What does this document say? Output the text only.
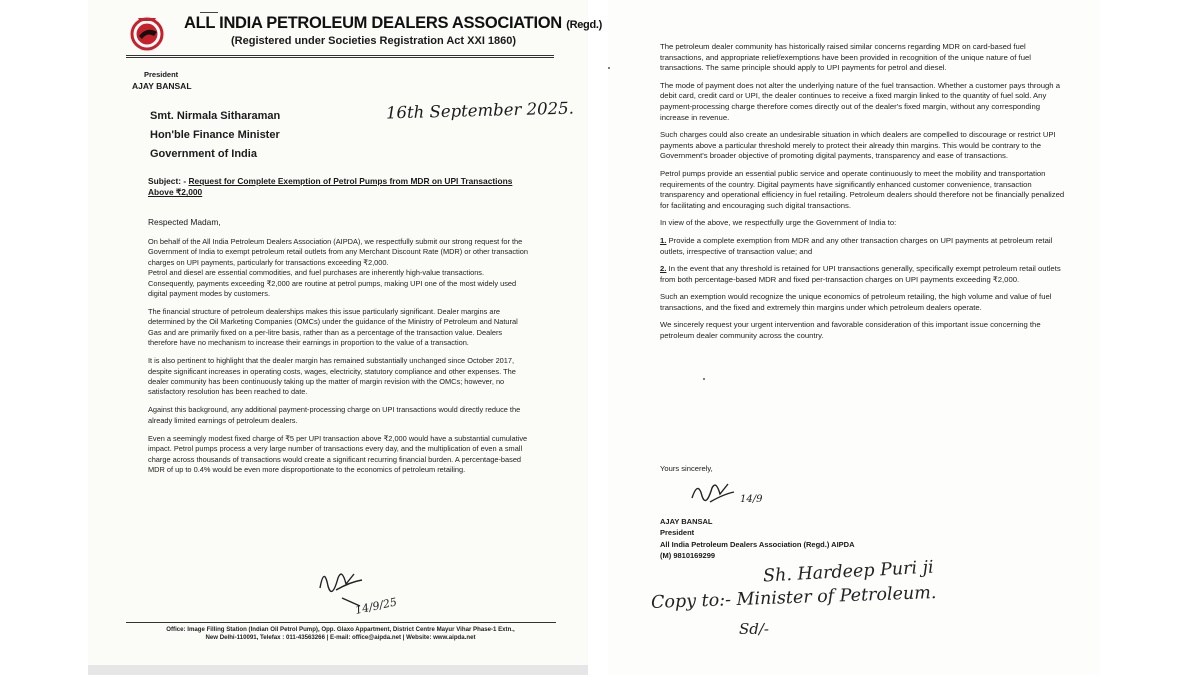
AIPDA
ALL INDIA PETROLEUM DEALERS ASSOCIATION (Regd.)
(Registered under Societies Registration Act XXI 1860)
President
AJAY BANSAL
Smt. Nirmala Sitharaman
Hon'ble Finance Minister
Government of India
16th September 2025.
Subject: - Request for Complete Exemption of Petrol Pumps from MDR on UPI Transactions
Above ₹2,000
Respected Madam,

On behalf of the All India Petroleum Dealers Association (AIPDA), we respectfully submit our strong request for the Government of India to exempt petroleum retail outlets from any Merchant Discount Rate (MDR) or other transaction charges on UPI payments, particularly for transactions exceeding ₹2,000.

Petrol and diesel are essential commodities, and fuel purchases are inherently high-value transactions. Consequently, payments exceeding ₹2,000 are routine at petrol pumps, making UPI one of the most widely used digital payment modes by customers.

The financial structure of petroleum dealerships makes this issue particularly significant. Dealer margins are determined by the Oil Marketing Companies (OMCs) under the guidance of the Ministry of Petroleum and Natural Gas and are primarily fixed on a per-litre basis, rather than as a percentage of the transaction value. Dealers therefore have no mechanism to increase their earnings in proportion to the value of a transaction.

It is also pertinent to highlight that the dealer margin has remained substantially unchanged since October 2017, despite significant increases in operating costs, wages, electricity, statutory compliance and other expenses. The dealer community has been continuously taking up the matter of margin revision with the OMCs; however, no satisfactory resolution has been reached to date.

Against this background, any additional payment-processing charge on UPI transactions would directly reduce the already limited earnings of petroleum dealers.

Even a seemingly modest fixed charge of ₹5 per UPI transaction above ₹2,000 would have a substantial cumulative impact. Petrol pumps process a very large number of transactions every day, and the multiplication of even a small charge across thousands of transactions would create a significant recurring financial burden. A percentage-based MDR of up to 0.4% would be even more disproportionate to the economics of petroleum retailing.

14/9/25
Office: Image Filling Station (Indian Oil Petrol Pump), Opp. Glaxo Appartment, District Centre Mayur Vihar Phase-1 Extn.,
New Delhi-110091, Telefax : 011-43563266 | E-mail: office@aipda.net | Website: www.aipda.net

The petroleum dealer community has historically raised similar concerns regarding MDR on card-based fuel transactions, and appropriate relief/exemptions have been provided in recognition of the unique nature of fuel transactions. The same principle should apply to UPI payments for petrol and diesel.

The mode of payment does not alter the underlying nature of the fuel transaction. Whether a customer pays through a debit card, credit card or UPI, the dealer continues to receive a fixed margin linked to the quantity of fuel sold. Any payment-processing charge therefore comes directly out of the dealer's fixed margin, without any corresponding increase in revenue.

Such charges could also create an undesirable situation in which dealers are compelled to discourage or restrict UPI payments above a particular threshold merely to protect their already thin margins. This would be contrary to the Government's broader objective of promoting digital payments, transparency and ease of transactions.

Petrol pumps provide an essential public service and operate continuously to meet the mobility and transportation requirements of the country. Digital payments have significantly enhanced customer convenience, transaction transparency and operational efficiency in fuel retailing. Petroleum dealers should therefore not be financially penalized for facilitating and encouraging such digital transactions.

In view of the above, we respectfully urge the Government of India to:

1. Provide a complete exemption from MDR and any other transaction charges on UPI payments at petroleum retail outlets, irrespective of transaction value; and

2. In the event that any threshold is retained for UPI transactions generally, specifically exempt petroleum retail outlets from both percentage-based MDR and fixed per-transaction charges on UPI payments exceeding ₹2,000.

Such an exemption would recognize the unique economics of petroleum retailing, the high volume and value of fuel transactions, and the fixed and extremely thin margins under which petroleum dealers operate.

We sincerely request your urgent intervention and favorable consideration of this important issue concerning the petroleum dealer community across the country.

Yours sincerely,
14/9
AJAY BANSAL
President
All India Petroleum Dealers Association (Regd.) AIPDA
(M) 9810169299
Sh. Hardeep Puri ji
Copy to:- Minister of Petroleum.
Sd/-
